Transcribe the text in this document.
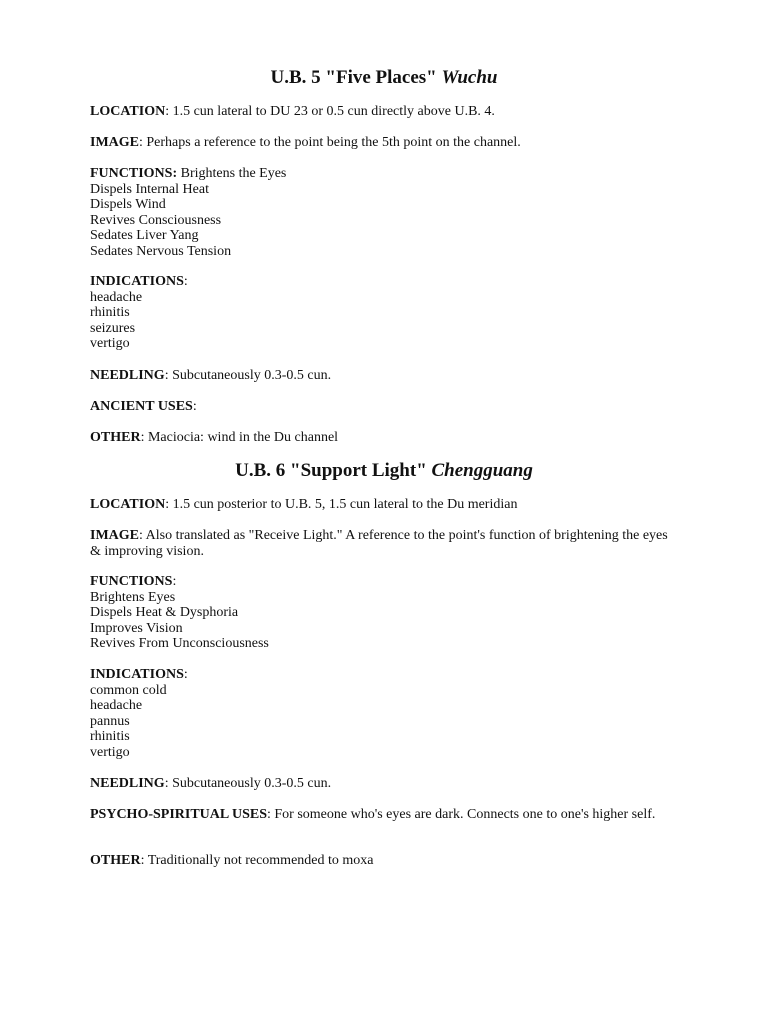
U.B. 5 "Five Places" Wuchu
LOCATION: 1.5 cun lateral to DU 23 or 0.5 cun directly above U.B. 4.
IMAGE: Perhaps a reference to the point being the 5th point on the channel.
FUNCTIONS: Brightens the Eyes
Dispels Internal Heat
Dispels Wind
Revives Consciousness
Sedates Liver Yang
Sedates Nervous Tension
INDICATIONS:
headache
rhinitis
seizures
vertigo
NEEDLING: Subcutaneously 0.3-0.5 cun.
ANCIENT USES:
OTHER: Maciocia: wind in the Du channel
U.B. 6 "Support Light" Chengguang
LOCATION: 1.5 cun posterior to U.B. 5, 1.5 cun lateral to the Du meridian
IMAGE: Also translated as "Receive Light." A reference to the point's function of brightening the eyes & improving vision.
FUNCTIONS:
Brightens Eyes
Dispels Heat & Dysphoria
Improves Vision
Revives From Unconsciousness
INDICATIONS:
common cold
headache
pannus
rhinitis
vertigo
NEEDLING: Subcutaneously 0.3-0.5 cun.
PSYCHO-SPIRITUAL USES: For someone who's eyes are dark. Connects one to one's higher self.
OTHER: Traditionally not recommended to moxa
